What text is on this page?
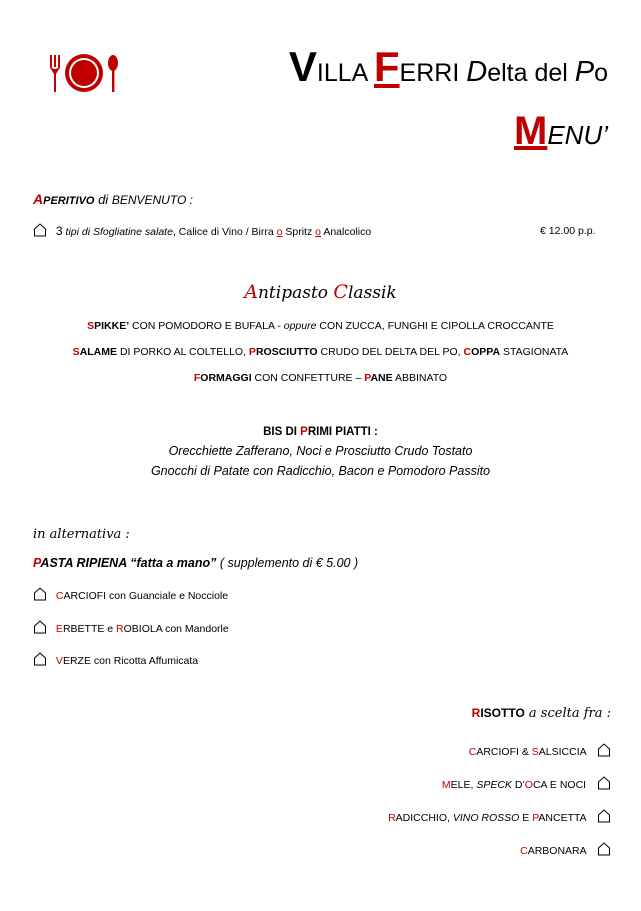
VILLA FERRI Delta del Po
MENU’
APERITIVO di BENVENUTO :
3 tipi di Sfogliatine salate, Calice di Vino / Birra o Spritz o Analcolico	€ 12.00 p.p.
Antipasto Classik
SPIKKE’ CON POMODORO E BUFALA - oppure CON ZUCCA, FUNGHI E CIPOLLA CROCCANTE
SALAME DI PORKO AL COLTELLO, PROSCIUTTO CRUDO DEL DELTA DEL PO, COPPA STAGIONATA
FORMAGGI CON CONFETTURE – PANE ABBINATO
BIS DI PRIMI PIATTI :
Orecchiette Zafferano, Noci e Prosciutto Crudo Tostato
Gnocchi di Patate con Radicchio, Bacon e Pomodoro Passito
in alternativa :
PASTA RIPIENA “fatta a mano” ( supplemento di € 5.00 )
CARCIOFI con Guanciale e Nocciole
ERBETTE e ROBIOLA con Mandorle
VERZE con Ricotta Affumicata
RISOTTO a scelta fra :
CARCIOFI & SALSICCIA
MELE, SPECK D’OCA E NOCI
RADICCHIO, VINO ROSSO E PANCETTA
CARBONARA
